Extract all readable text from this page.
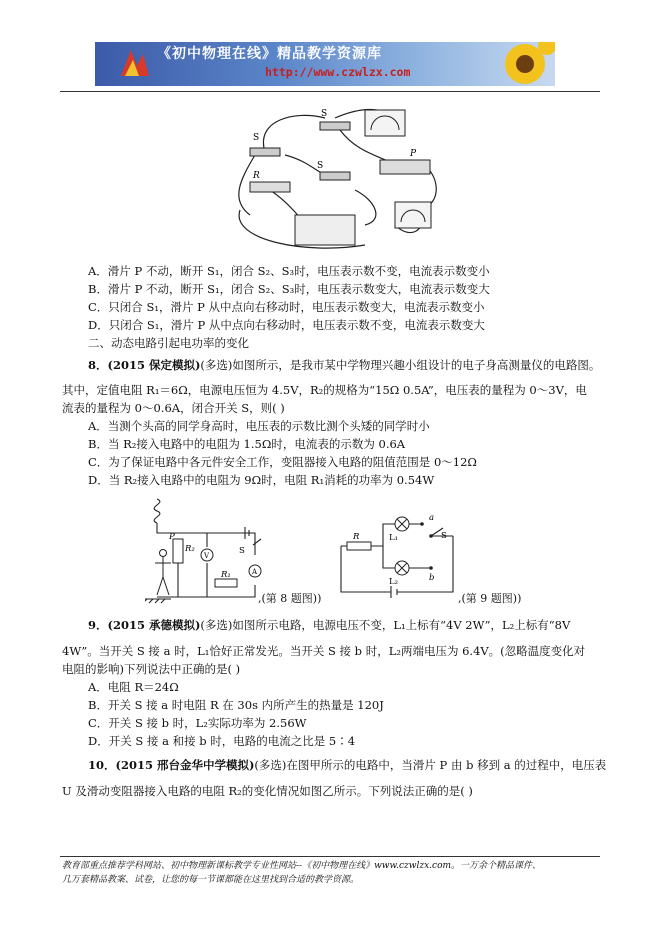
《初中物理在线》精品教学资源库
http://www.czwlzx.com
S
S
R
S
P
A．滑片 P 不动，断开 S₁，闭合 S₂、S₃时，电压表示数不变，电流表示数变小
B．滑片 P 不动，断开 S₁，闭合 S₂、S₃时，电压表示数变大，电流表示数变大
C．只闭合 S₁，滑片 P 从中点向右移动时，电压表示数变大，电流表示数变小
D．只闭合 S₁，滑片 P 从中点向右移动时，电压表示数不变，电流表示数变大
二、动态电路引起电功率的变化
8．(2015 保定模拟)(多选)如图所示，是我市某中学物理兴趣小组设计的电子身高测量仪的电路图。
其中，定值电阻 R₁＝6Ω，电源电压恒为 4.5V，R₂的规格为“15Ω 0.5A”，电压表的量程为 0～3V，电
流表的量程为 0～0.6A，闭合开关 S，则( )
A．当测个头高的同学身高时，电压表的示数比测个头矮的同学时小
B．当 R₂接入电路中的电阻为 1.5Ω时，电流表的示数为 0.6A
C．为了保证电路中各元件安全工作，变阻器接入电路的阻值范围是 0～12Ω
D．当 R₂接入电路中的电阻为 9Ω时，电阻 R₁消耗的功率为 0.54W
P
R₂
V	S
A
R₁
,(第 8 题图))
a
L₁	S
R
L₂	b
,(第 9 题图))
9．(2015 承德模拟)(多选)如图所示电路，电源电压不变，L₁上标有“4V 2W”，L₂上标有“8V
4W”。当开关 S 接 a 时，L₁恰好正常发光。当开关 S 接 b 时，L₂两端电压为 6.4V。(忽略温度变化对
电阻的影响)下列说法中正确的是( )
A．电阻 R＝24Ω
B．开关 S 接 a 时电阻 R 在 30s 内所产生的热量是 120J
C．开关 S 接 b 时，L₂实际功率为 2.56W
D．开关 S 接 a 和接 b 时，电路的电流之比是 5∶4
10．(2015 邢台金华中学模拟)(多选)在图甲所示的电路中，当滑片 P 由 b 移到 a 的过程中，电压表
U 及滑动变阻器接入电路的电阻 R₂的变化情况如图乙所示。下列说法正确的是( )
教育部重点推荐学科网站、初中物理新课标教学专业性网站--《初中物理在线》www.czwlzx.com。一万余个精品课件、
几万套精品教案、试卷，让您的每一节课都能在这里找到合适的教学资源。
